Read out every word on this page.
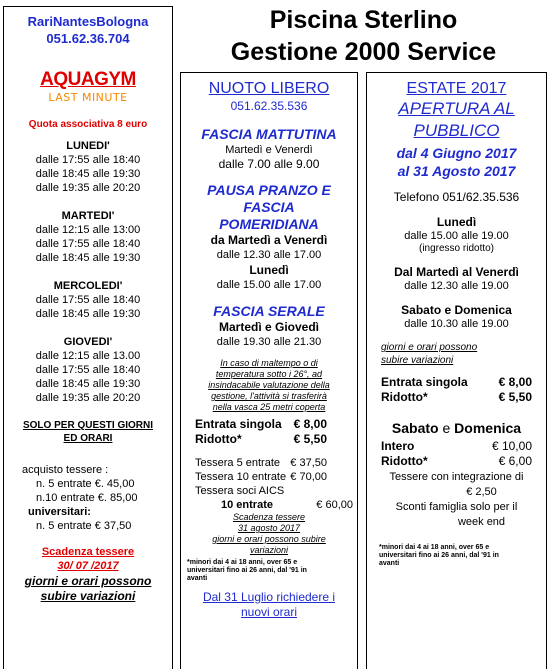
Piscina Sterlino
Gestione 2000 Service
RariNantesBologna
051.62.36.704
AQUAGYM
LAST MINUTE
Quota associativa 8 euro
LUNEDI'
dalle 17:55 alle 18:40
dalle 18:45 alle 19:30
dalle 19:35 alle 20:20
MARTEDI'
dalle 12:15 alle 13:00
dalle 17:55 alle 18:40
dalle 18:45 alle 19:30
MERCOLEDI'
dalle 17:55 alle 18:40
dalle 18:45 alle 19:30
GIOVEDI'
dalle 12:15 alle 13.00
dalle 17:55 alle 18:40
dalle 18:45 alle 19:30
dalle 19:35 alle 20:20
SOLO PER QUESTI GIORNI
ED ORARI
acquisto tessere :
n. 5 entrate €. 45,00
n.10 entrate €. 85,00
universitari:
n. 5 entrate € 37,50
Scadenza tessere
30/ 07 /2017
giorni e orari possono
subire variazioni
NUOTO LIBERO
051.62.35.536
FASCIA MATTUTINA
Martedì e Venerdì
dalle 7.00 alle 9.00
PAUSA PRANZO E
FASCIA
POMERIDIANA
da Martedì a Venerdì
dalle 12.30 alle 17.00
Lunedì
dalle 15.00 alle 17.00
FASCIA SERALE
Martedì e Giovedì
dalle 19.30 alle 21.30
In caso di maltempo o di
temperatura sotto i 26°, ad
insindacabile valutazione della
gestione, l'attività si trasferirà
nella vasca 25 metri coperta
Entrata singola € 8,00
Ridotto*	€ 5,50
Tessera 5 entrate € 37,50
Tessera 10 entrate € 70,00
Tessera soci AICS
10 entrate	€ 60,00
Scadenza tessere
31 agosto 2017
giorni e orari possono subire
variazioni
*minori dai 4 ai 18 anni, over 65 e
universitari fino ai 26 anni, dal '91 in
avanti
Dal 31 Luglio richiedere i
nuovi orari
ESTATE 2017
APERTURA AL
PUBBLICO
dal 4 Giugno 2017
al 31 Agosto 2017
Telefono 051/62.35.536
Lunedì
dalle 15.00 alle 19.00
(ingresso ridotto)
Dal Martedì al Venerdì
dalle 12.30 alle 19.00
Sabato e Domenica
dalle 10.30 alle 19.00
giorni e orari possono
subire variazioni
Entrata singola	€ 8,00
Ridotto*	€ 5,50
Sabato e Domenica
Intero	€ 10,00
Ridotto*	€ 6,00
Tessere con integrazione di
€ 2,50
Sconti famiglia solo per il
week end
*minori dai 4 ai 18 anni, over 65 e
universitari fino ai 26 anni, dal '91 in
avanti
